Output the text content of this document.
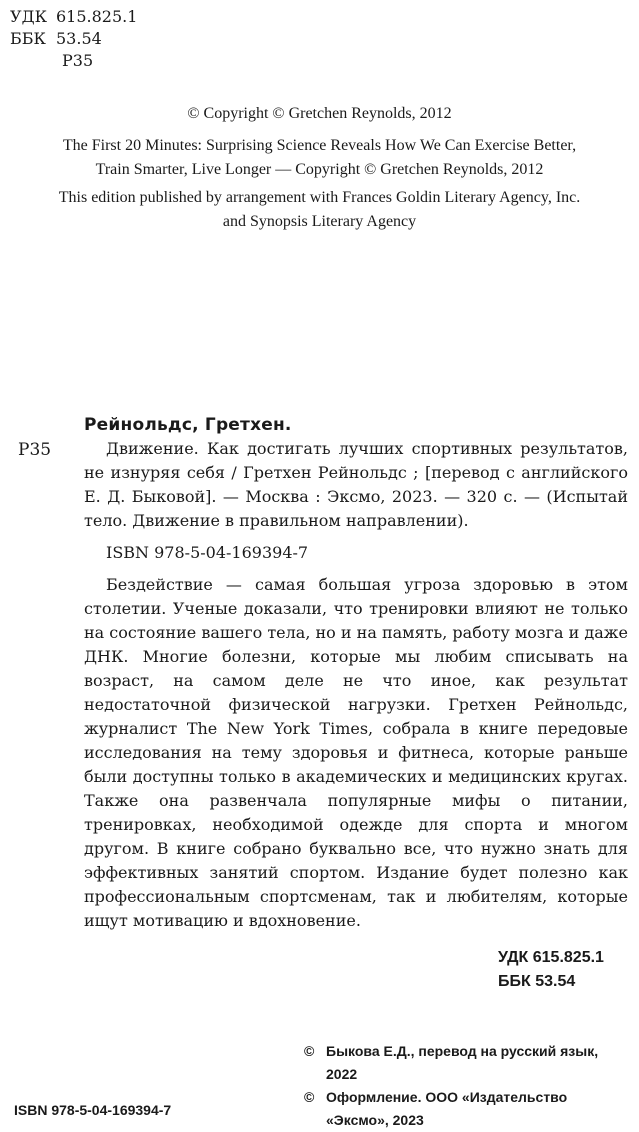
УДК 615.825.1
ББК 53.54
Р35

© Copyright © Gretchen Reynolds, 2012

The First 20 Minutes: Surprising Science Reveals How We Can Exercise Better,

Train Smarter, Live Longer — Copyright © Gretchen Reynolds, 2012

This edition published by arrangement with Frances Goldin Literary Agency, Inc.

and Synopsis Literary Agency

Р35
Рейнольдс, Гретхен.

Движение. Как достигать лучших спортивных результатов, не изнуряя себя / Гретхен Рейнольдс ; [перевод с английского Е. Д. Быковой]. — Москва : Эксмо, 2023. — 320 с. — (Испытай тело. Движение в правильном направлении).

ISBN 978-5-04-169394-7

Бездействие — самая большая угроза здоровью в этом столетии. Ученые доказали, что тренировки влияют не только на состояние вашего тела, но и на память, работу мозга и даже ДНК. Многие болезни, которые мы любим списывать на возраст, на самом деле не что иное, как результат недостаточной физической нагрузки. Гретхен Рейнольдс, журналист The New York Times, собрала в книге передовые исследования на тему здоровья и фитнеса, которые раньше были доступны только в академических и медицинских кругах. Также она развенчала популярные мифы о питании, тренировках, необходимой одежде для спорта и многом другом. В книге собрано буквально все, что нужно знать для эффективных занятий спортом. Издание будет полезно как профессиональным спортсменам, так и любителям, которые ищут мотивацию и вдохновение.

УДК 615.825.1
ББК 53.54
© Быкова Е.Д., перевод на русский язык, 2022
© Оформление. ООО «Издательство «Эксмо», 2023
ISBN 978-5-04-169394-7
